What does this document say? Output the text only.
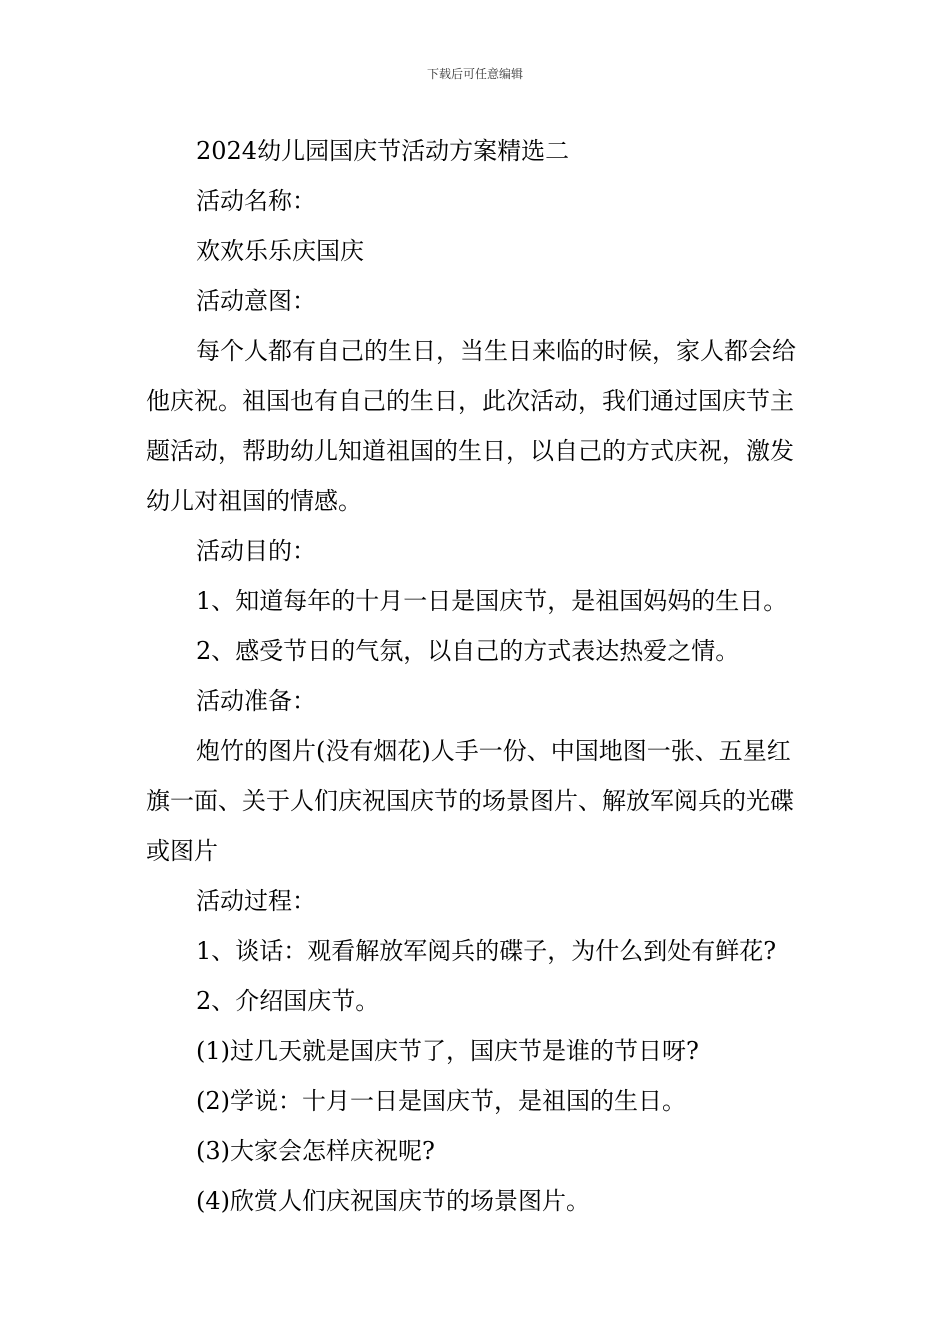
下载后可任意编辑

2024幼儿园国庆节活动方案精选二

活动名称：

欢欢乐乐庆国庆

活动意图：

每个人都有自己的生日，当生日来临的时候，家人都会给他庆祝。祖国也有自己的生日，此次活动，我们通过国庆节主题活动，帮助幼儿知道祖国的生日，以自己的方式庆祝，激发幼儿对祖国的情感。

活动目的：

1、知道每年的十月一日是国庆节，是祖国妈妈的生日。

2、感受节日的气氛，以自己的方式表达热爱之情。

活动准备：

炮竹的图片(没有烟花)人手一份、中国地图一张、五星红旗一面、关于人们庆祝国庆节的场景图片、解放军阅兵的光碟或图片

活动过程：

1、谈话：观看解放军阅兵的碟子，为什么到处有鲜花?

2、介绍国庆节。

(1)过几天就是国庆节了，国庆节是谁的节日呀?

(2)学说：十月一日是国庆节，是祖国的生日。

(3)大家会怎样庆祝呢?

(4)欣赏人们庆祝国庆节的场景图片。
